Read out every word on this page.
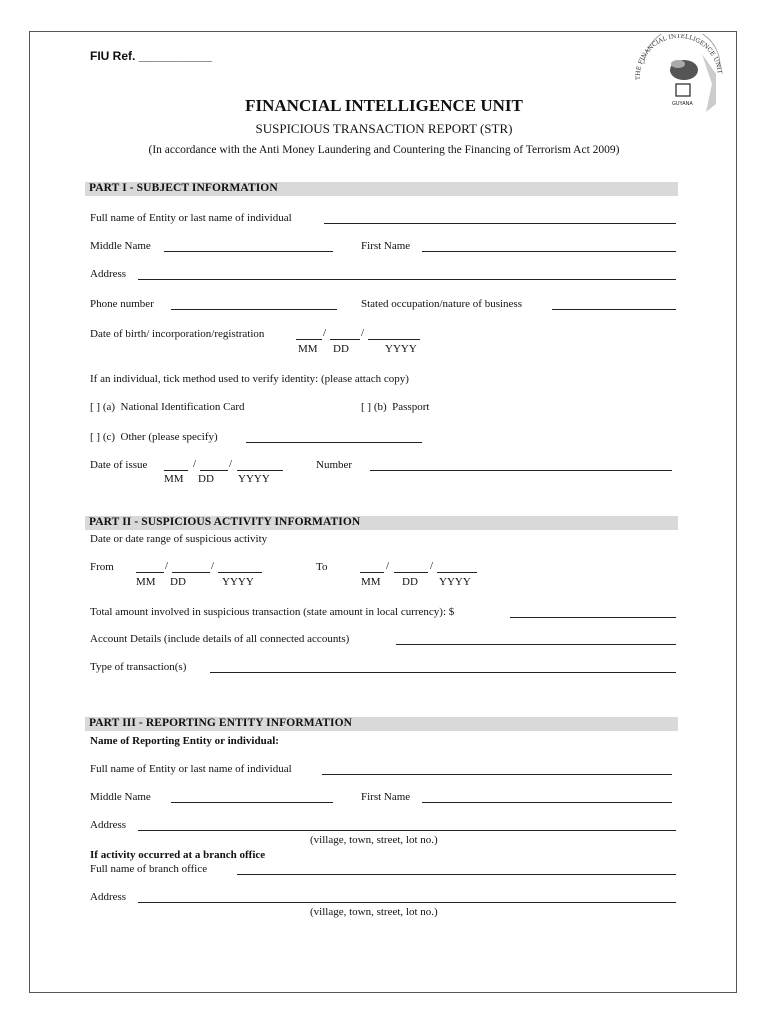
FIU Ref. ___________
THE FINANCIAL INTELLIGENCE UNIT
GUYANA
FINANCIAL INTELLIGENCE UNIT
SUSPICIOUS TRANSACTION REPORT (STR)
(In accordance with the Anti Money Laundering and Countering the Financing of Terrorism Act 2009)
PART I - SUBJECT INFORMATION
Full name of Entity or last name of individual
Middle Name	First Name
Address
Phone number	Stated occupation/nature of business
Date of birth/ incorporation/registration	/	/
MM DD	YYYY
If an individual, tick method used to verify identity: (please attach copy)
[ ] (a) National Identification Card	[ ] (b) Passport
[ ] (c) Other (please specify)
Date of issue	/	/
MM DD YYYY
Number
PART II - SUSPICIOUS ACTIVITY INFORMATION
Date or date range of suspicious activity
From	/	/
MM DD	YYYY
To	/	/
MM DD YYYY
Total amount involved in suspicious transaction (state amount in local currency): $
Account Details (include details of all connected accounts)
Type of transaction(s)
PART III - REPORTING ENTITY INFORMATION
Name of Reporting Entity or individual:
Full name of Entity or last name of individual
Middle Name	First Name
Address
(village, town, street, lot no.)
If activity occurred at a branch office
Full name of branch office
Address
(village, town, street, lot no.)
